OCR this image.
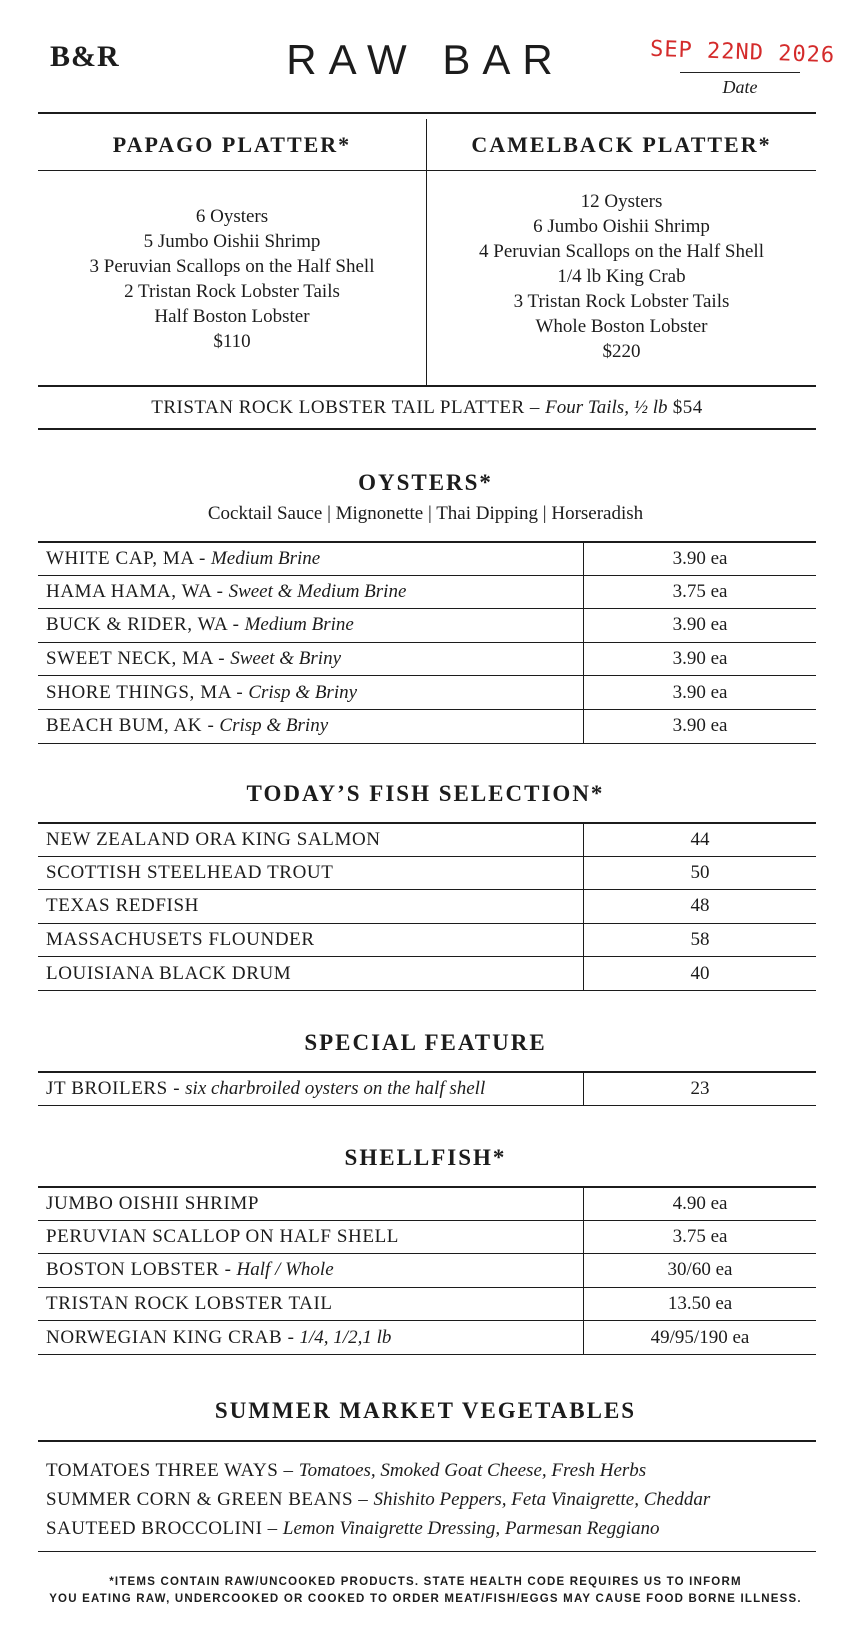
B&R	RAW BAR	SEP 22ND 2026
Date
PAPAGO PLATTER*
6 Oysters
5 Jumbo Oishii Shrimp
3 Peruvian Scallops on the Half Shell
2 Tristan Rock Lobster Tails
Half Boston Lobster
$110
CAMELBACK PLATTER*
12 Oysters
6 Jumbo Oishii Shrimp
4 Peruvian Scallops on the Half Shell
1/4 lb King Crab
3 Tristan Rock Lobster Tails
Whole Boston Lobster
$220
TRISTAN ROCK LOBSTER TAIL PLATTER – Four Tails, ½ lb $54
OYSTERS*
Cocktail Sauce | Mignonette | Thai Dipping | Horseradish
WHITE CAP, MA - Medium Brine	3.90 ea
HAMA HAMA, WA - Sweet & Medium Brine	3.75 ea
BUCK & RIDER, WA - Medium Brine	3.90 ea
SWEET NECK, MA - Sweet & Briny	3.90 ea
SHORE THINGS, MA - Crisp & Briny	3.90 ea
BEACH BUM, AK - Crisp & Briny	3.90 ea
TODAY’S FISH SELECTION*
NEW ZEALAND ORA KING SALMON	44
SCOTTISH STEELHEAD TROUT	50
TEXAS REDFISH	48
MASSACHUSETS FLOUNDER	58
LOUISIANA BLACK DRUM	40
SPECIAL FEATURE
JT BROILERS - six charbroiled oysters on the half shell	23
SHELLFISH*
JUMBO OISHII SHRIMP	4.90 ea
PERUVIAN SCALLOP ON HALF SHELL	3.75 ea
BOSTON LOBSTER - Half / Whole	30/60 ea
TRISTAN ROCK LOBSTER TAIL	13.50 ea
NORWEGIAN KING CRAB - 1/4, 1/2,1 lb	49/95/190 ea
SUMMER MARKET VEGETABLES
TOMATOES THREE WAYS – Tomatoes, Smoked Goat Cheese, Fresh Herbs
SUMMER CORN & GREEN BEANS – Shishito Peppers, Feta Vinaigrette, Cheddar
SAUTEED BROCCOLINI – Lemon Vinaigrette Dressing, Parmesan Reggiano
*ITEMS CONTAIN RAW/UNCOOKED PRODUCTS. STATE HEALTH CODE REQUIRES US TO INFORM
YOU EATING RAW, UNDERCOOKED OR COOKED TO ORDER MEAT/FISH/EGGS MAY CAUSE FOOD BORNE ILLNESS.
